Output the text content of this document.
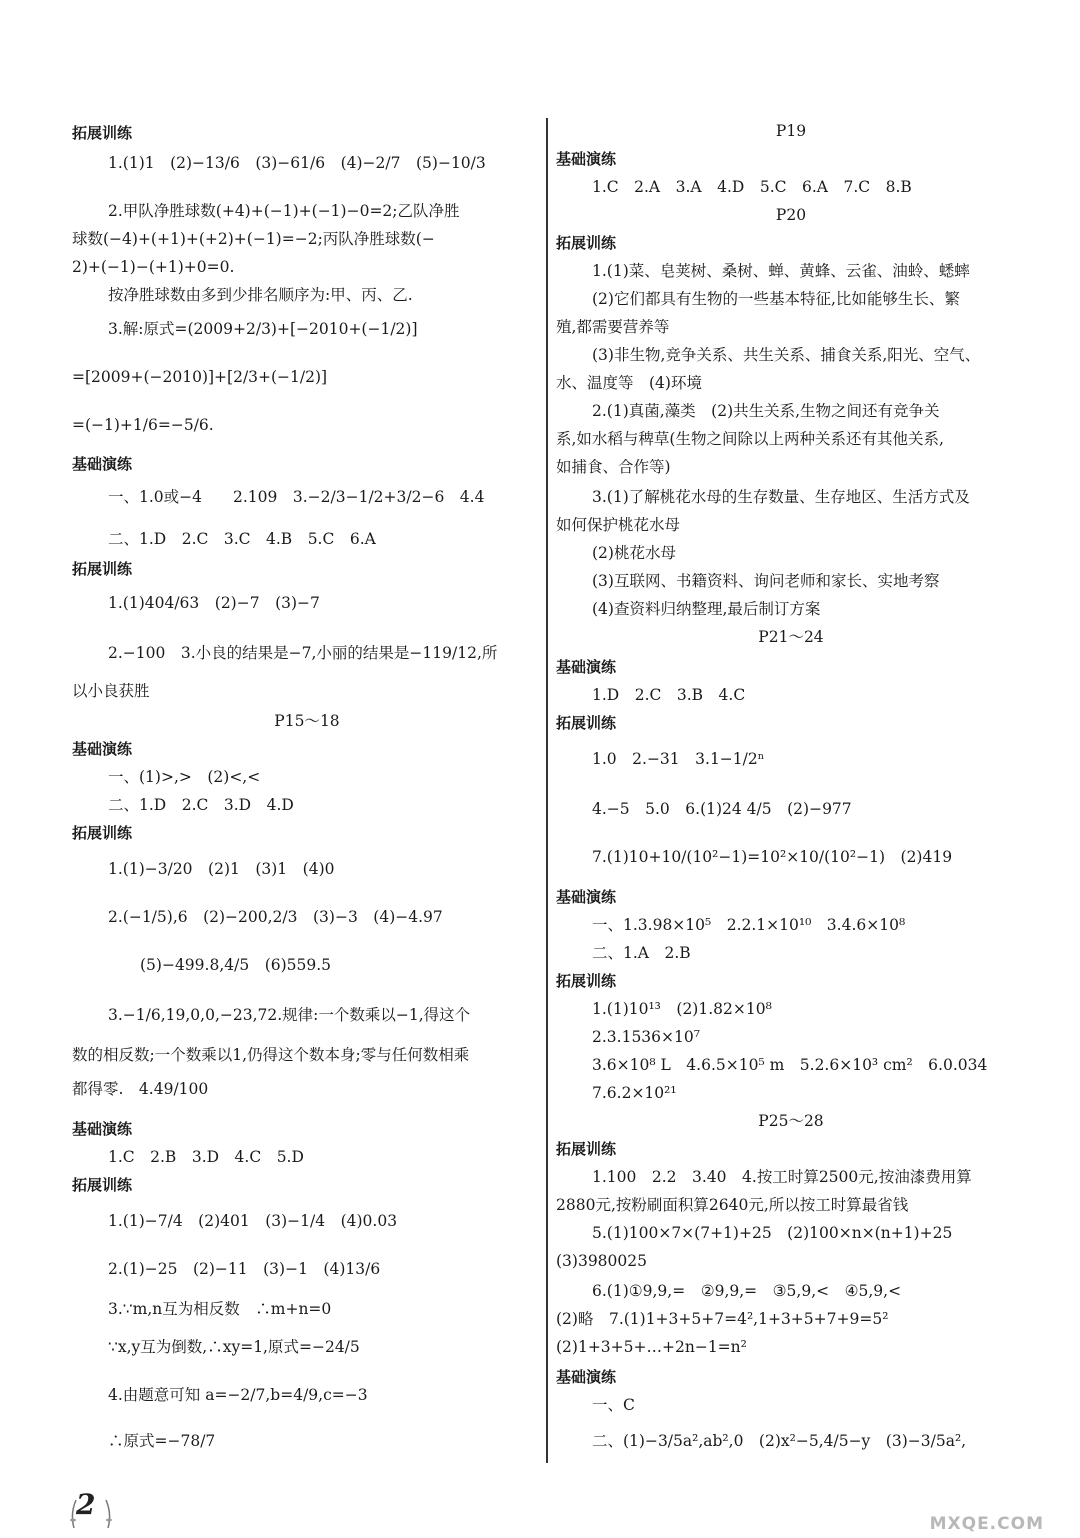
拓展训练
1.(1)1　(2)−13/6　(3)−61/6　(4)−2/7　(5)−10/3
2.甲队净胜球数(+4)+(−1)+(−1)−0=2;乙队净胜
球数(−4)+(+1)+(+2)+(−1)=−2;丙队净胜球数(−
2)+(−1)−(+1)+0=0.
按净胜球数由多到少排名顺序为:甲、丙、乙.
3.解:原式=(2009+2/3)+[−2010+(−1/2)]
=[2009+(−2010)]+[2/3+(−1/2)]
=(−1)+1/6=−5/6.
基础演练
一、1.0或−4　　2.109　3.−2/3−1/2+3/2−6　4.4
二、1.D　2.C　3.C　4.B　5.C　6.A
拓展训练
1.(1)404/63　(2)−7　(3)−7
2.−100　3.小良的结果是−7,小丽的结果是−119/12,所
以小良获胜
P15～18
基础演练
一、(1)>,>　(2)<,<
二、1.D　2.C　3.D　4.D
拓展训练
1.(1)−3/20　(2)1　(3)1　(4)0
2.(−1/5),6　(2)−200,2/3　(3)−3　(4)−4.97
(5)−499.8,4/5　(6)559.5
3.−1/6,19,0,0,−23,72.规律:一个数乘以−1,得这个
数的相反数;一个数乘以1,仍得这个数本身;零与任何数相乘
都得零.　4.49/100
基础演练
1.C　2.B　3.D　4.C　5.D
拓展训练
1.(1)−7/4　(2)401　(3)−1/4　(4)0.03
2.(1)−25　(2)−11　(3)−1　(4)13/6
3.∵m,n互为相反数　∴m+n=0
∵x,y互为倒数,∴xy=1,原式=−24/5
4.由题意可知 a=−2/7,b=4/9,c=−3
∴原式=−78/7
P19
基础演练
1.C　2.A　3.A　4.D　5.C　6.A　7.C　8.B
P20
拓展训练
1.(1)菜、皂荚树、桑树、蝉、黄蜂、云雀、油蛉、蟋蟀
(2)它们都具有生物的一些基本特征,比如能够生长、繁
殖,都需要营养等
(3)非生物,竞争关系、共生关系、捕食关系,阳光、空气、
水、温度等　(4)环境
2.(1)真菌,藻类　(2)共生关系,生物之间还有竞争关
系,如水稻与稗草(生物之间除以上两种关系还有其他关系,
如捕食、合作等)
3.(1)了解桃花水母的生存数量、生存地区、生活方式及
如何保护桃花水母
(2)桃花水母
(3)互联网、书籍资料、询问老师和家长、实地考察
(4)查资料归纳整理,最后制订方案
P21～24
基础演练
1.D　2.C　3.B　4.C
拓展训练
1.0　2.−31　3.1−1/2ⁿ
4.−5　5.0　6.(1)24 4/5　(2)−977
7.(1)10+10/(10²−1)=10²×10/(10²−1)　(2)419
基础演练
一、1.3.98×10⁵　2.2.1×10¹⁰　3.4.6×10⁸
二、1.A　2.B
拓展训练
1.(1)10¹³　(2)1.82×10⁸
2.3.1536×10⁷
3.6×10⁸ L　4.6.5×10⁵ m　5.2.6×10³ cm²　6.0.034
7.6.2×10²¹
P25～28
拓展训练
1.100　2.2　3.40　4.按工时算2500元,按油漆费用算
2880元,按粉刷面积算2640元,所以按工时算最省钱
5.(1)100×7×(7+1)+25　(2)100×n×(n+1)+25
(3)3980025
6.(1)①9,9,=　②9,9,=　③5,9,<　④5,9,<
(2)略　7.(1)1+3+5+7=4²,1+3+5+7+9=5²
(2)1+3+5+…+2n−1=n²
基础演练
一、C
二、(1)−3/5a²,ab²,0　(2)x²−5,4/5−y　(3)−3/5a²,
2
MXQE.COM
